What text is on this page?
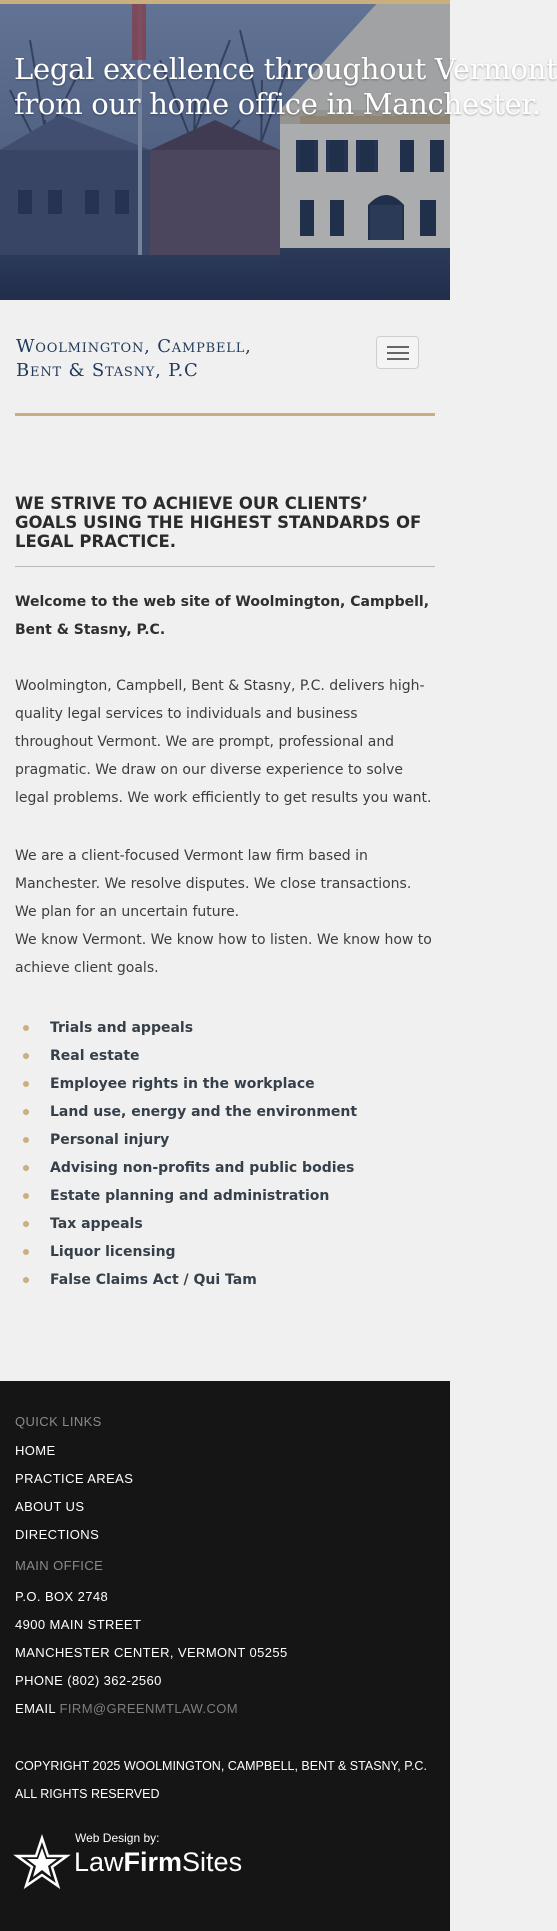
Legal excellence throughout Vermont
from our home office in Manchester.
Woolmington, Campbell,
Bent & Stasny, P.C
WE STRIVE TO ACHIEVE OUR CLIENTS’ GOALS USING THE HIGHEST STANDARDS OF LEGAL PRACTICE.

Welcome to the web site of Woolmington, Campbell, Bent & Stasny, P.C.

Woolmington, Campbell, Bent & Stasny, P.C. delivers high-quality legal services to individuals and business throughout Vermont. We are prompt, professional and pragmatic. We draw on our diverse experience to solve legal problems. We work efficiently to get results you want.

We are a client-focused Vermont law firm based in Manchester. We resolve disputes. We close transactions. We plan for an uncertain future.

We know Vermont. We know how to listen. We know how to achieve client goals.

Trials and appeals
Real estate
Employee rights in the workplace
Land use, energy and the environment
Personal injury
Advising non-profits and public bodies
Estate planning and administration
Tax appeals
Liquor licensing
False Claims Act / Qui Tam
QUICK LINKS
HOME
PRACTICE AREAS
ABOUT US
DIRECTIONS
MAIN OFFICE
P.O. BOX 2748
4900 MAIN STREET
MANCHESTER CENTER, VERMONT 05255
PHONE (802) 362-2560
EMAIL FIRM@GREENMTLAW.COM

COPYRIGHT 2025 WOOLMINGTON, CAMPBELL, BENT & STASNY, P.C. ALL RIGHTS RESERVED

Web Design by:
LawFirmSites
